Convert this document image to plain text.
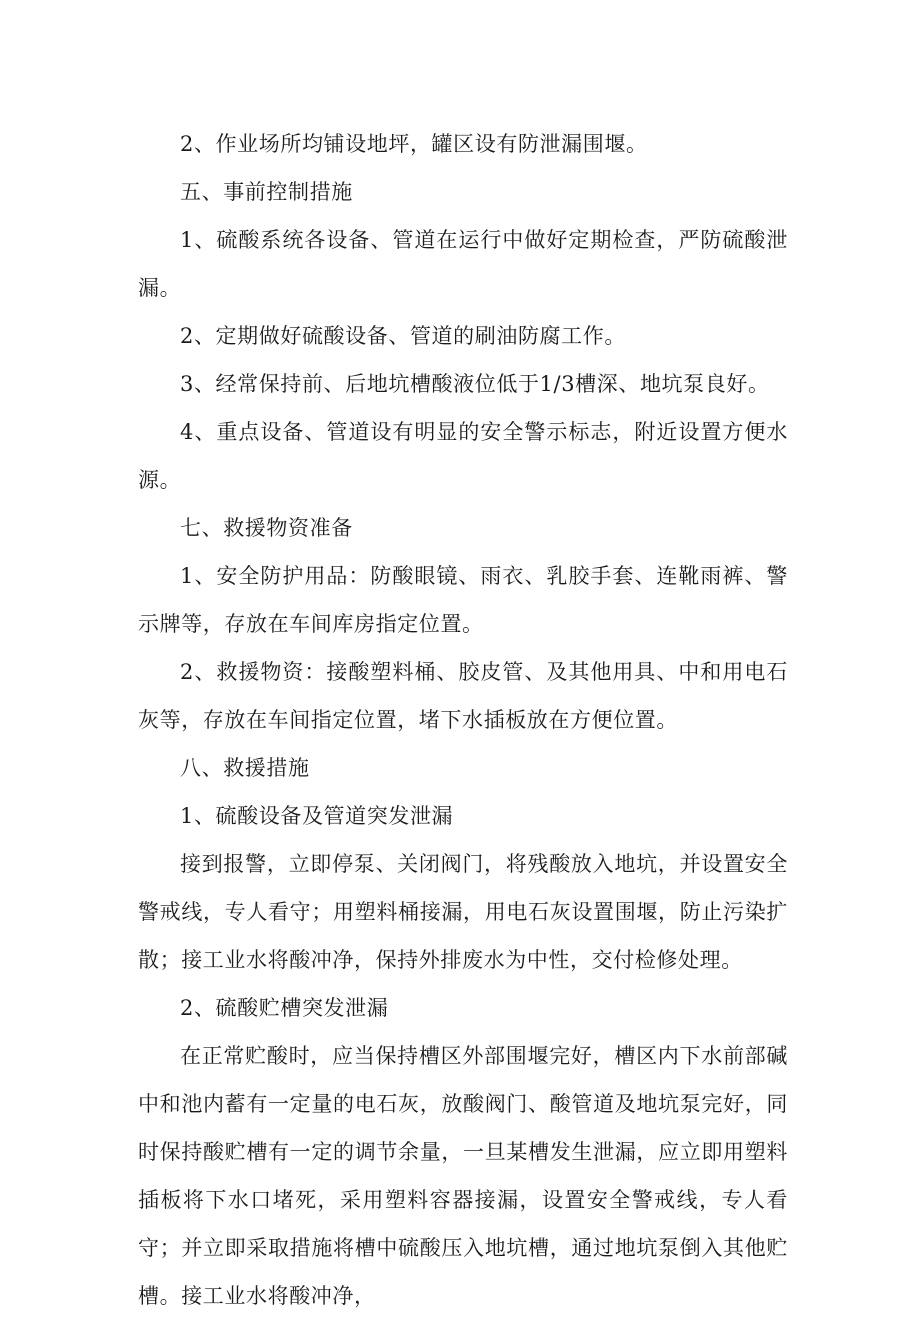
2、作业场所均铺设地坪，罐区设有防泄漏围堰。

五、事前控制措施

1、硫酸系统各设备、管道在运行中做好定期检查，严防硫酸泄漏。

2、定期做好硫酸设备、管道的刷油防腐工作。

3、经常保持前、后地坑槽酸液位低于1/3槽深、地坑泵良好。

4、重点设备、管道设有明显的安全警示标志，附近设置方便水源。

七、救援物资准备

1、安全防护用品：防酸眼镜、雨衣、乳胶手套、连靴雨裤、警示牌等，存放在车间库房指定位置。

2、救援物资：接酸塑料桶、胶皮管、及其他用具、中和用电石灰等，存放在车间指定位置，堵下水插板放在方便位置。

八、救援措施

1、硫酸设备及管道突发泄漏

接到报警，立即停泵、关闭阀门，将残酸放入地坑，并设置安全警戒线，专人看守；用塑料桶接漏，用电石灰设置围堰，防止污染扩散；接工业水将酸冲净，保持外排废水为中性，交付检修处理。

2、硫酸贮槽突发泄漏

在正常贮酸时，应当保持槽区外部围堰完好，槽区内下水前部碱中和池内蓄有一定量的电石灰，放酸阀门、酸管道及地坑泵完好，同时保持酸贮槽有一定的调节余量，一旦某槽发生泄漏，应立即用塑料插板将下水口堵死，采用塑料容器接漏，设置安全警戒线，专人看守；并立即采取措施将槽中硫酸压入地坑槽，通过地坑泵倒入其他贮槽。接工业水将酸冲净，
